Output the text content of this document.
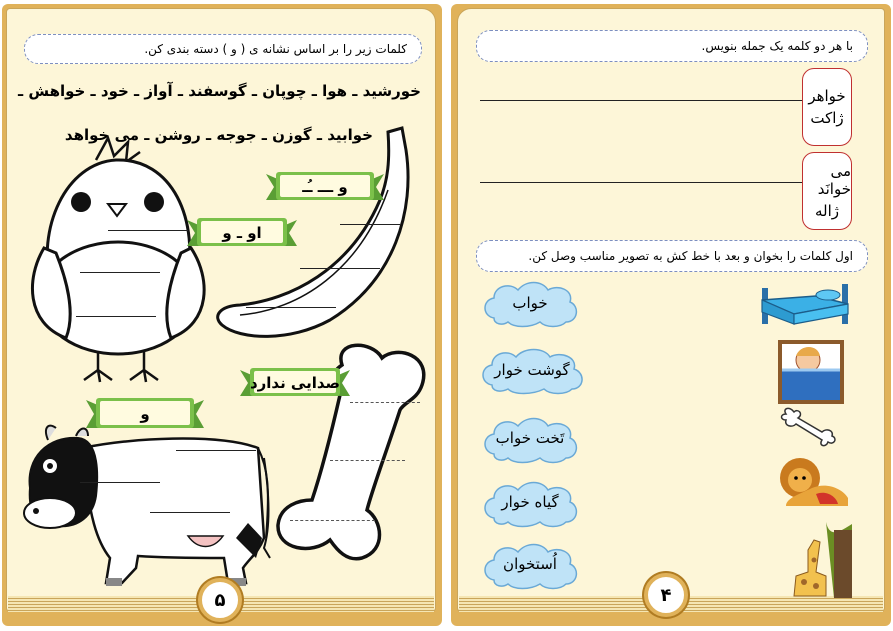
کلمات زیر را بر اساس نشانه ی ( و ) دسته بندی کن.
خورشید ـ هوا ـ چوپان ـ گوسفند ـ آواز ـ خود ـ خواهش ـ
خوابید ـ گوزن ـ جوجه ـ روشن ـ می خواهد
و ـــ ـُـ
او ـ و
صدایی ندارد
و
۵
با هر دو کلمه یک جمله بنویس.
خواهر
ژاکت
می خوانَد
ژاله
اول کلمات را بخوان و بعد با خط کش به تصویر مناسب وصل کن.
خواب
گوشت خوار
تَخت خواب
گیاه خوار
اُستخوان
۴
